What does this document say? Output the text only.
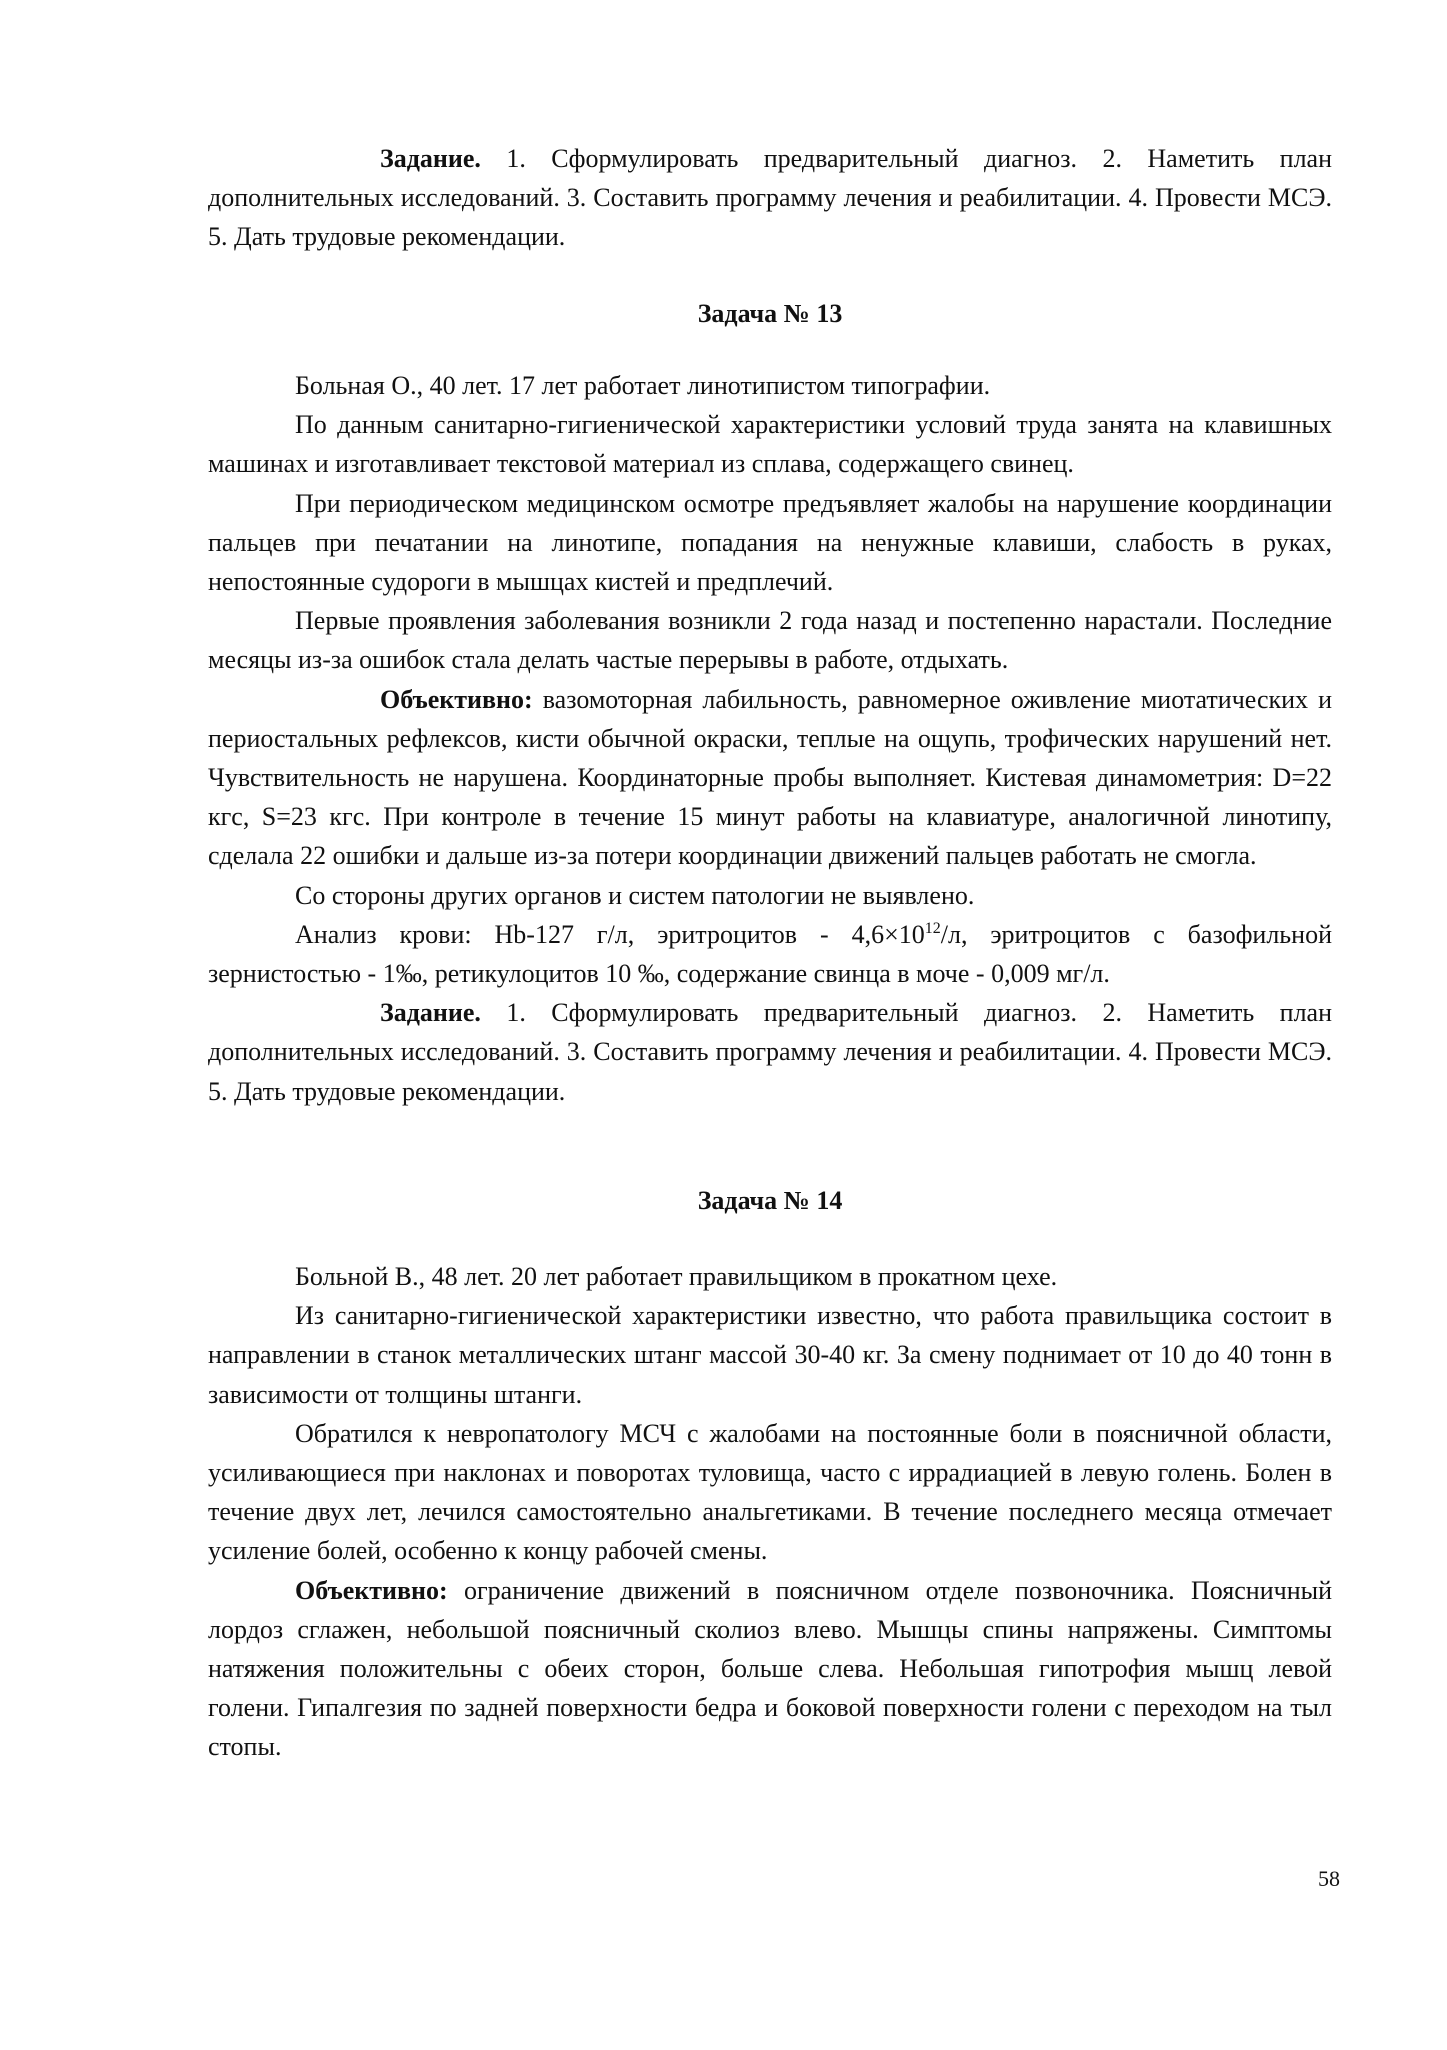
Задание. 1. Сформулировать предварительный диагноз. 2. Наметить план дополнительных исследований. 3. Составить программу лечения и реабилитации. 4. Провести МСЭ. 5. Дать трудовые рекомендации.

Задача № 13

Больная О., 40 лет. 17 лет работает линотипистом типографии.

По данным санитарно-гигиенической характеристики условий труда занята на клавишных машинах и изготавливает текстовой материал из сплава, содержащего свинец.

При периодическом медицинском осмотре предъявляет жалобы на нарушение координации пальцев при печатании на линотипе, попадания на ненужные клавиши, слабость в руках, непостоянные судороги в мышцах кистей и предплечий.

Первые проявления заболевания возникли 2 года назад и постепенно нарастали. Последние месяцы из-за ошибок стала делать частые перерывы в работе, отдыхать.

Объективно: вазомоторная лабильность, равномерное оживление миотатических и периостальных рефлексов, кисти обычной окраски, теплые на ощупь, трофических нарушений нет. Чувствительность не нарушена. Координаторные пробы выполняет. Кистевая динамометрия: D=22 кгс, S=23 кгс. При контроле в течение 15 минут работы на клавиатуре, аналогичной линотипу, сделала 22 ошибки и дальше из-за потери координации движений пальцев работать не смогла.

Со стороны других органов и систем патологии не выявлено.

Анализ крови: Hb-127 г/л, эритроцитов - $4,6\times 10^{12}/л$, эритроцитов с базофильной зернистостью - 1‰, ретикулоцитов 10 ‰, содержание свинца в моче - 0,009 мг/л.

Задание. 1. Сформулировать предварительный диагноз. 2. Наметить план дополнительных исследований. 3. Составить программу лечения и реабилитации. 4. Провести МСЭ. 5. Дать трудовые рекомендации.

Задача № 14

Больной В., 48 лет. 20 лет работает правильщиком в прокатном цехе.

Из санитарно-гигиенической характеристики известно, что работа правильщика состоит в направлении в станок металлических штанг массой 30-40 кг. За смену поднимает от 10 до 40 тонн в зависимости от толщины штанги.

Обратился к невропатологу МСЧ с жалобами на постоянные боли в поясничной области, усиливающиеся при наклонах и поворотах туловища, часто с иррадиацией в левую голень. Болен в течение двух лет, лечился самостоятельно анальгетиками. В течение последнего месяца отмечает усиление болей, особенно к концу рабочей смены.

Объективно: ограничение движений в поясничном отделе позвоночника. Поясничный лордоз сглажен, небольшой поясничный сколиоз влево. Мышцы спины напряжены. Симптомы натяжения положительны с обеих сторон, больше слева. Небольшая гипотрофия мышц левой голени. Гипалгезия по задней поверхности бедра и боковой поверхности голени с переходом на тыл стопы.

58
